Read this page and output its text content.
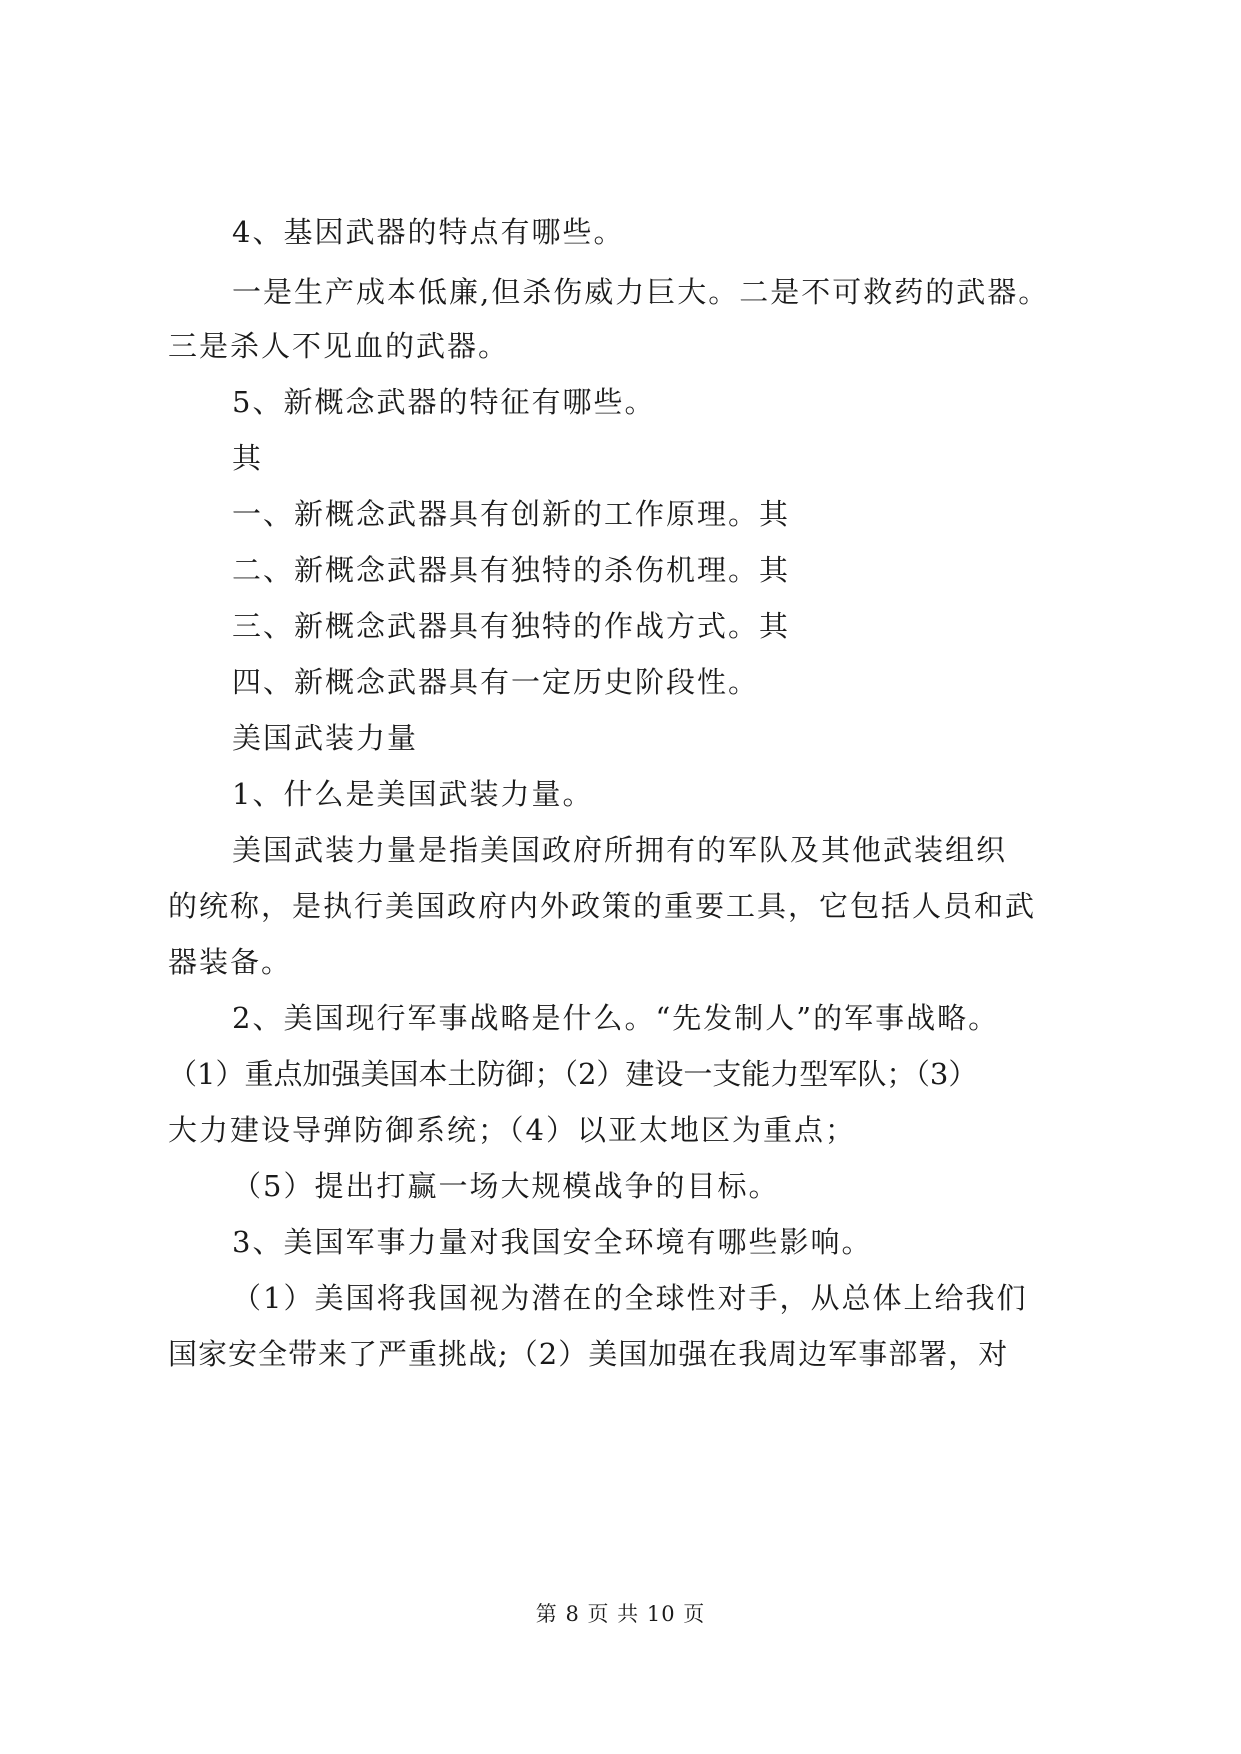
4、基因武器的特点有哪些。
一是生产成本低廉,但杀伤威力巨大。二是不可救药的武器。
三是杀人不见血的武器。
5、新概念武器的特征有哪些。
其
一、新概念武器具有创新的工作原理。其
二、新概念武器具有独特的杀伤机理。其
三、新概念武器具有独特的作战方式。其
四、新概念武器具有一定历史阶段性。
美国武装力量
1、什么是美国武装力量。
美国武装力量是指美国政府所拥有的军队及其他武装组织
的统称，是执行美国政府内外政策的重要工具，它包括人员和武
器装备。
2、美国现行军事战略是什么。“先发制人”的军事战略。
（1）重点加强美国本土防御；（2）建设一支能力型军队；（3）
大力建设导弹防御系统；（4）以亚太地区为重点；
（5）提出打赢一场大规模战争的目标。
3、美国军事力量对我国安全环境有哪些影响。
（1）美国将我国视为潜在的全球性对手，从总体上给我们
国家安全带来了严重挑战;（2）美国加强在我周边军事部署，对
第 8 页 共 10 页
